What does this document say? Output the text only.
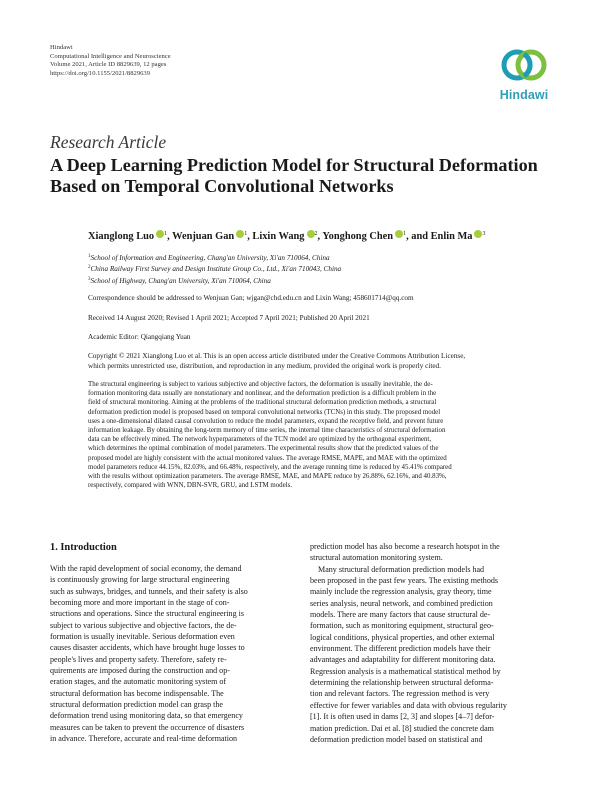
Hindawi
Computational Intelligence and Neuroscience
Volume 2021, Article ID 8829639, 12 pages
https://doi.org/10.1155/2021/8829639
Hindawi
Research Article
A Deep Learning Prediction Model for Structural Deformation
Based on Temporal Convolutional Networks
Xianglong Luo $^1$, Wenjuan Gan $^1$, Lixin Wang $^2$, Yonghong Chen $^1$, and Enlin Ma $^3$
$^1$School of Information and Engineering, Chang'an University, Xi'an 710064, China
$^2$China Railway First Survey and Design Institute Group Co., Ltd., Xi'an 710043, China
$^3$School of Highway, Chang'an University, Xi'an 710064, China
Correspondence should be addressed to Wenjuan Gan; wjgan@chd.edu.cn and Lixin Wang; 458601714@qq.com
Received 14 August 2020; Revised 1 April 2021; Accepted 7 April 2021; Published 20 April 2021
Academic Editor: Qiangqiang Yuan
Copyright © 2021 Xianglong Luo et al. This is an open access article distributed under the Creative Commons Attribution License,
which permits unrestricted use, distribution, and reproduction in any medium, provided the original work is properly cited.
The structural engineering is subject to various subjective and objective factors, the deformation is usually inevitable, the de-
formation monitoring data usually are nonstationary and nonlinear, and the deformation prediction is a difficult problem in the
field of structural monitoring. Aiming at the problems of the traditional structural deformation prediction methods, a structural
deformation prediction model is proposed based on temporal convolutional networks (TCNs) in this study. The proposed model
uses a one-dimensional dilated causal convolution to reduce the model parameters, expand the receptive field, and prevent future
information leakage. By obtaining the long-term memory of time series, the internal time characteristics of structural deformation
data can be effectively mined. The network hyperparameters of the TCN model are optimized by the orthogonal experiment,
which determines the optimal combination of model parameters. The experimental results show that the predicted values of the
proposed model are highly consistent with the actual monitored values. The average RMSE, MAPE, and MAE with the optimized
model parameters reduce 44.15%, 82.03%, and 66.48%, respectively, and the average running time is reduced by 45.41% compared
with the results without optimization parameters. The average RMSE, MAE, and MAPE reduce by 26.88%, 62.16%, and 40.83%,
respectively, compared with WNN, DBN-SVR, GRU, and LSTM models.
1. Introduction
With the rapid development of social economy, the demand
is continuously growing for large structural engineering
such as subways, bridges, and tunnels, and their safety is also
becoming more and more important in the stage of con-
structions and operations. Since the structural engineering is
subject to various subjective and objective factors, the de-
formation is usually inevitable. Serious deformation even
causes disaster accidents, which have brought huge losses to
people's lives and property safety. Therefore, safety re-
quirements are imposed during the construction and op-
eration stages, and the automatic monitoring system of
structural deformation has become indispensable. The
structural deformation prediction model can grasp the
deformation trend using monitoring data, so that emergency
measures can be taken to prevent the occurrence of disasters
in advance. Therefore, accurate and real-time deformation
prediction model has also become a research hotspot in the
structural automation monitoring system.
Many structural deformation prediction models had
been proposed in the past few years. The existing methods
mainly include the regression analysis, gray theory, time
series analysis, neural network, and combined prediction
models. There are many factors that cause structural de-
formation, such as monitoring equipment, structural geo-
logical conditions, physical properties, and other external
environment. The different prediction models have their
advantages and adaptability for different monitoring data.
Regression analysis is a mathematical statistical method by
determining the relationship between structural deforma-
tion and relevant factors. The regression method is very
effective for fewer variables and data with obvious regularity
[1]. It is often used in dams [2, 3] and slopes [4–7] defor-
mation prediction. Dai et al. [8] studied the concrete dam
deformation prediction model based on statistical and
